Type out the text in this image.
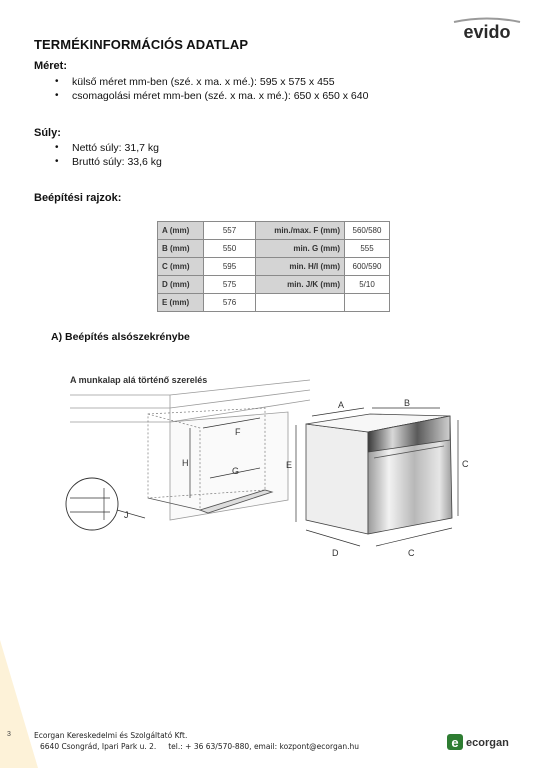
TERMÉKINFORMÁCIÓS ADATLAP
evido
Méret:
• külső méret mm-ben (szé. x ma. x mé.): 595 x 575 x 455
• csomagolási méret mm-ben (szé. x ma. x mé.): 650 x 650 x 640
Súly:
• Nettó súly: 31,7 kg
• Bruttó súly: 33,6 kg
Beépítési rajzok:
A (mm)	557	min./max. F (mm)	560/580
B (mm)	550	min. G (mm)	555
C (mm)	595	min. H/I (mm)	600/590
D (mm)	575	min. J/K (mm)	5/10
E (mm)	576		
A) Beépítés alsószekrénybe
A munkalap alá történő szerelés
F
G
H
J
A	B
E	C
D	C
3	Ecorgan Kereskedelmi és Szolgáltató Kft.
6640 Csongrád, Ipari Park u. 2.     tel.: + 36 63/570-880, email: kozpont@ecorgan.hu	e ecorgan
